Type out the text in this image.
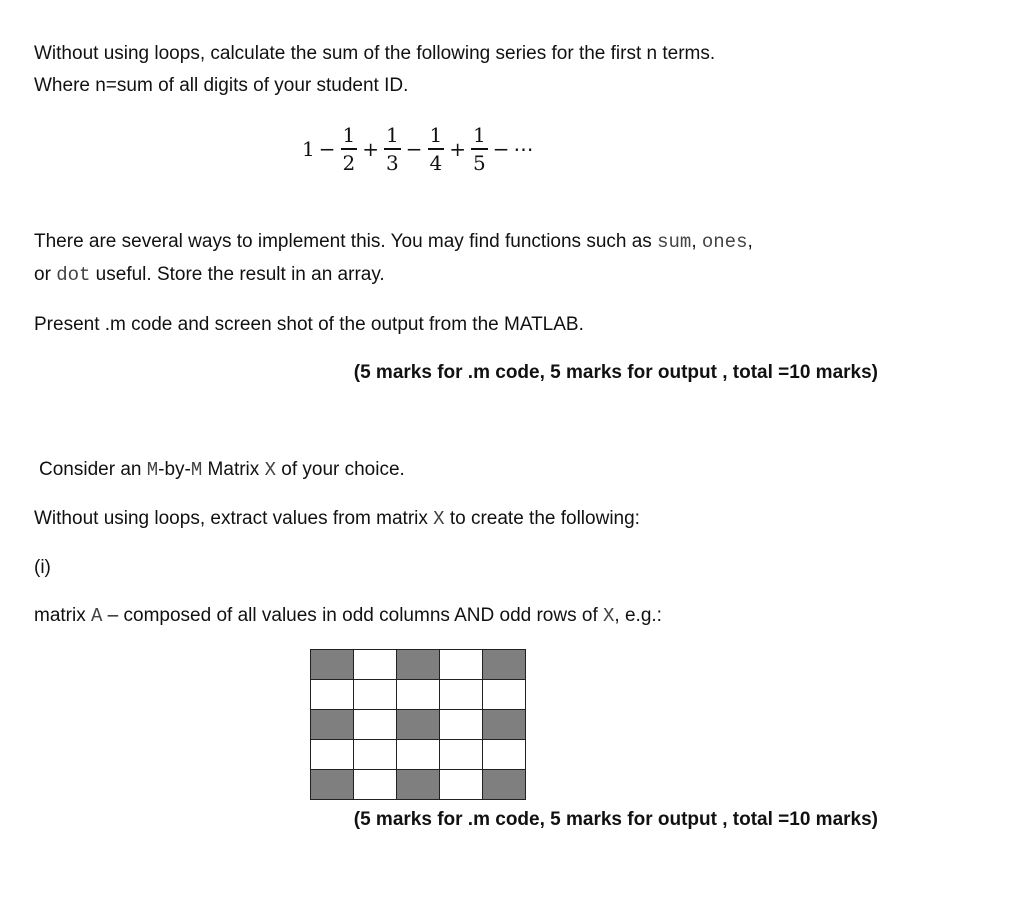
Without using loops, calculate the sum of the following series for the first n terms.
Where n=sum of all digits of your student ID.
$1 - \frac{1}{2} + \frac{1}{3} - \frac{1}{4} + \frac{1}{5}$ − ⋯
There are several ways to implement this. You may find functions such as sum, ones,
or dot useful. Store the result in an array.
Present .m code and screen shot of the output from the MATLAB.
(5 marks for .m code, 5 marks for output , total =10 marks)
Consider an M-by-M Matrix X of your choice.
Without using loops, extract values from matrix X to create the following:
(i)
matrix A – composed of all values in odd columns AND odd rows of X, e.g.:

(5 marks for .m code, 5 marks for output , total =10 marks)
